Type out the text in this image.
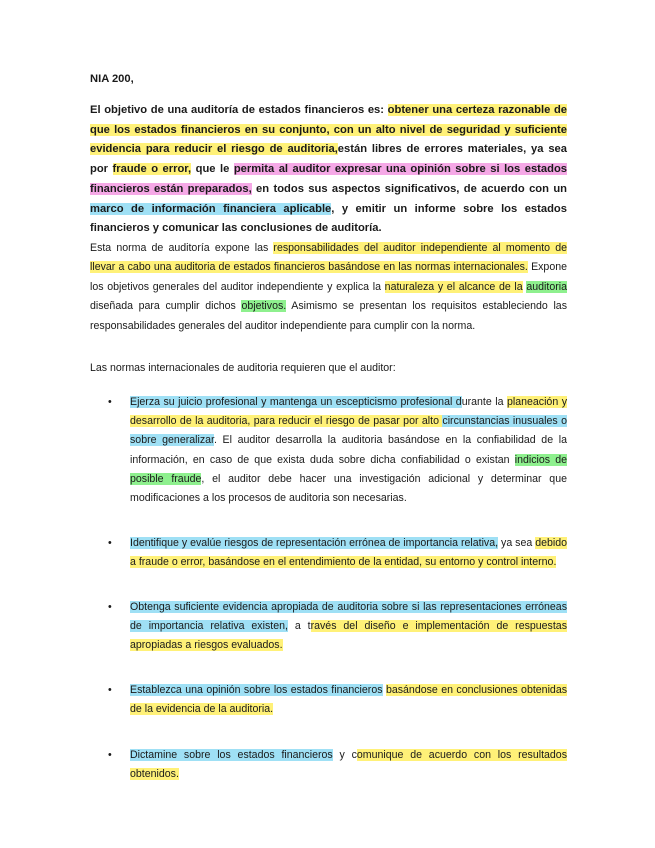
NIA 200,

El objetivo de una auditoría de estados financieros es: obtener una certeza razonable de que los estados financieros en su conjunto, con un alto nivel de seguridad y suficiente evidencia para reducir el riesgo de auditoria,están libres de errores materiales, ya sea por fraude o error, que le permita al auditor expresar una opinión sobre si los estados financieros están preparados, en todos sus aspectos significativos, de acuerdo con un marco de información financiera aplicable, y emitir un informe sobre los estados financieros y comunicar las conclusiones de auditoría.

Esta norma de auditoría expone las responsabilidades del auditor independiente al momento de llevar a cabo una auditoria de estados financieros basándose en las normas internacionales. Expone los objetivos generales del auditor independiente y explica la naturaleza y el alcance de la auditoria diseñada para cumplir dichos objetivos. Asimismo se presentan los requisitos estableciendo las responsabilidades generales del auditor independiente para cumplir con la norma.

Las normas internacionales de auditoria requieren que el auditor:
• Ejerza su juicio profesional y mantenga un escepticismo profesional durante la planeación y desarrollo de la auditoria, para reducir el riesgo de pasar por alto circunstancias inusuales o sobre generalizar. El auditor desarrolla la auditoria basándose en la confiabilidad de la información, en caso de que exista duda sobre dicha confiabilidad o existan indicios de posible fraude, el auditor debe hacer una investigación adicional y determinar que modificaciones a los procesos de auditoria son necesarias.
• Identifique y evalúe riesgos de representación errónea de importancia relativa, ya sea debido a fraude o error, basándose en el entendimiento de la entidad, su entorno y control interno.
• Obtenga suficiente evidencia apropiada de auditoria sobre si las representaciones erróneas de importancia relativa existen, a través del diseño e implementación de respuestas apropiadas a riesgos evaluados.
• Establezca una opinión sobre los estados financieros basándose en conclusiones obtenidas de la evidencia de la auditoria.
• Dictamine sobre los estados financieros y comunique de acuerdo con los resultados obtenidos.
